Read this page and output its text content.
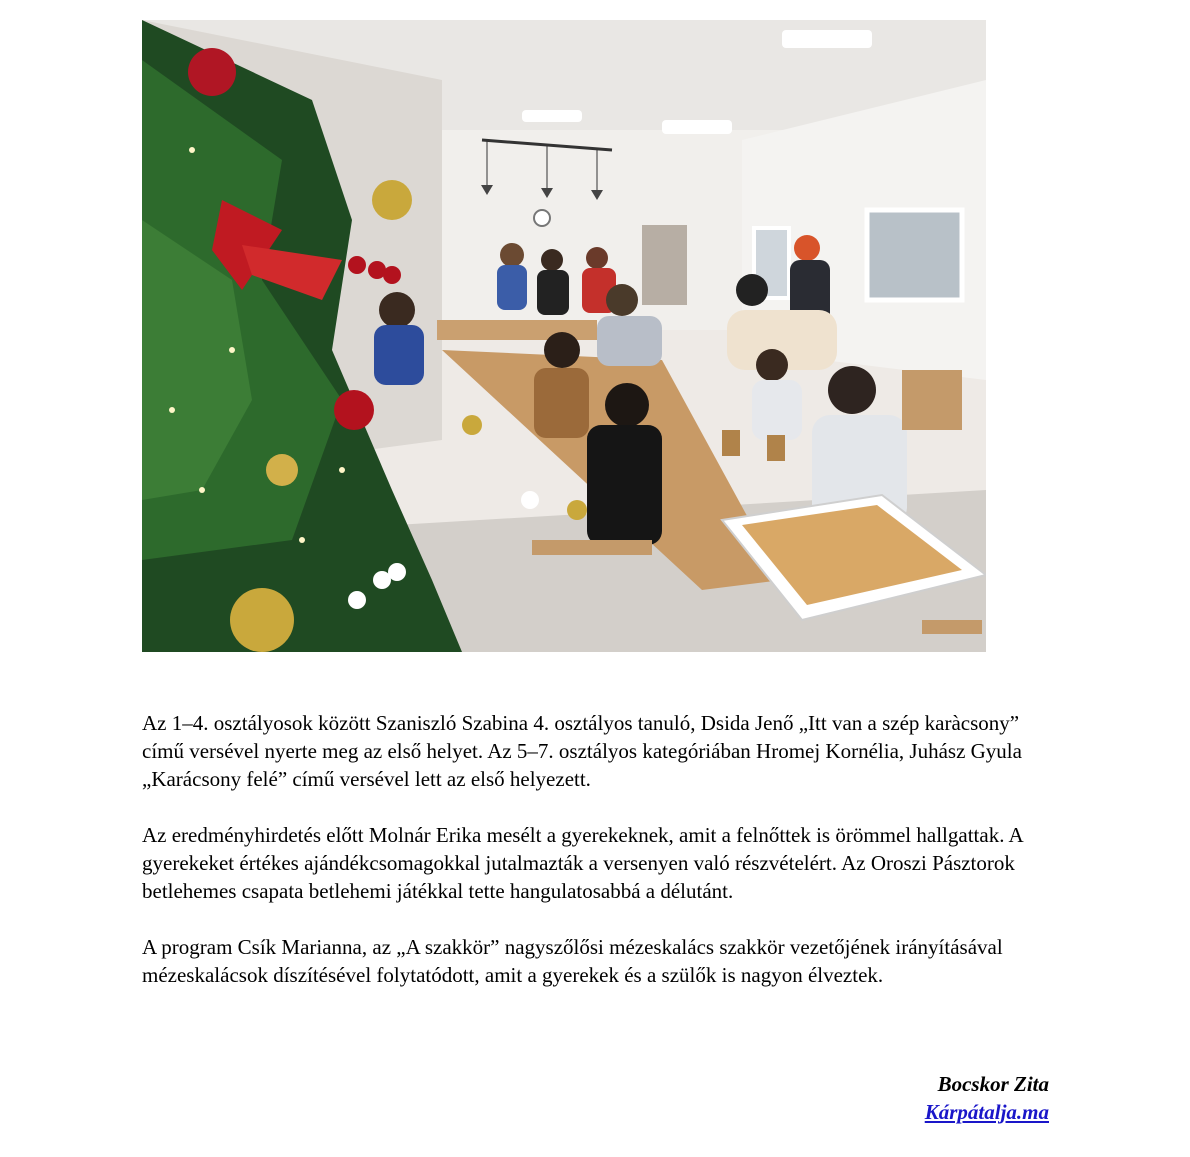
Az 1–4. osztályosok között Szaniszló Szabina 4. osztályos tanuló, Dsida Jenő „Itt van a szép karàcsony” című versével nyerte meg az első helyet. Az 5–7. osztályos kategóriában Hromej Kornélia, Juhász Gyula „Karácsony felé” című versével lett az első helyezett.

Az eredményhirdetés előtt Molnár Erika mesélt a gyerekeknek, amit a felnőttek is örömmel hallgattak. A gyerekeket értékes ajándékcsomagokkal jutalmazták a versenyen való részvételért. Az Oroszi Pásztorok betlehemes csapata betlehemi játékkal tette hangulatosabbá a délutánt.

A program Csík Marianna, az „A szakkör” nagyszőlősi mézeskalács szakkör vezetőjének irányításával mézeskalácsok díszítésével folytatódott, amit a gyerekek és a szülők is nagyon élveztek.

Bocskor Zita
Kárpátalja.ma
